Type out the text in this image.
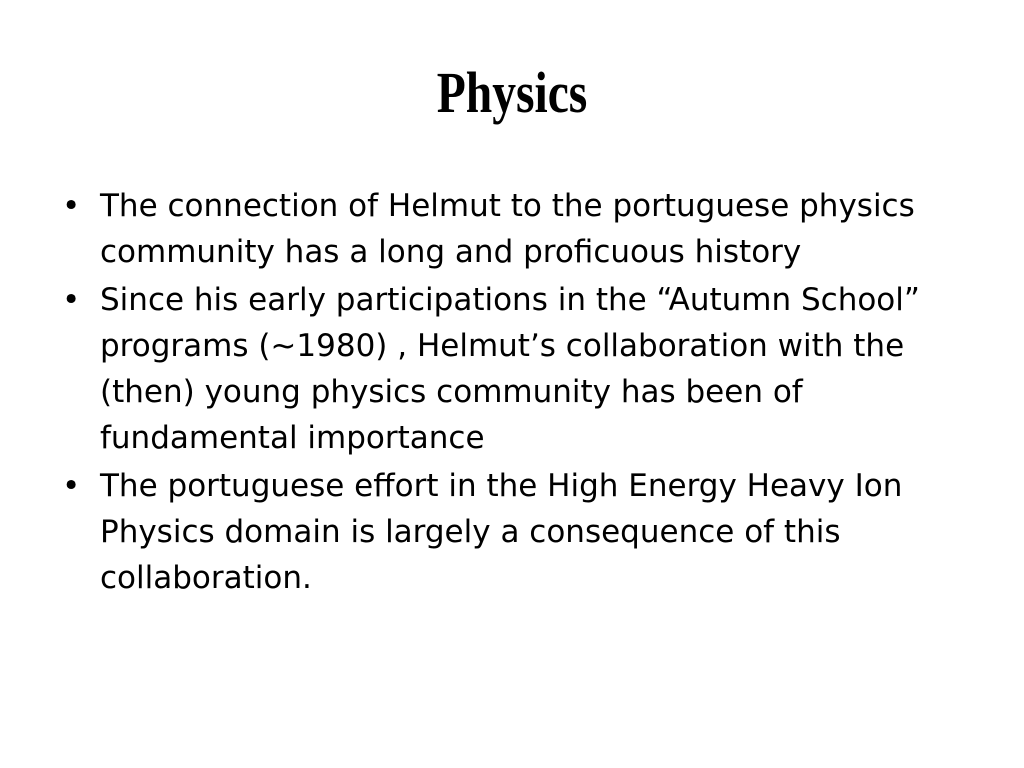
Physics
• The connection of Helmut to the portuguese physics community has a long and proficuous history
• Since his early participations in the “Autumn School” programs (~1980) , Helmut’s collaboration with the (then) young physics community has been of fundamental importance
• The portuguese effort in the High Energy Heavy Ion Physics domain is largely a consequence of this collaboration.
